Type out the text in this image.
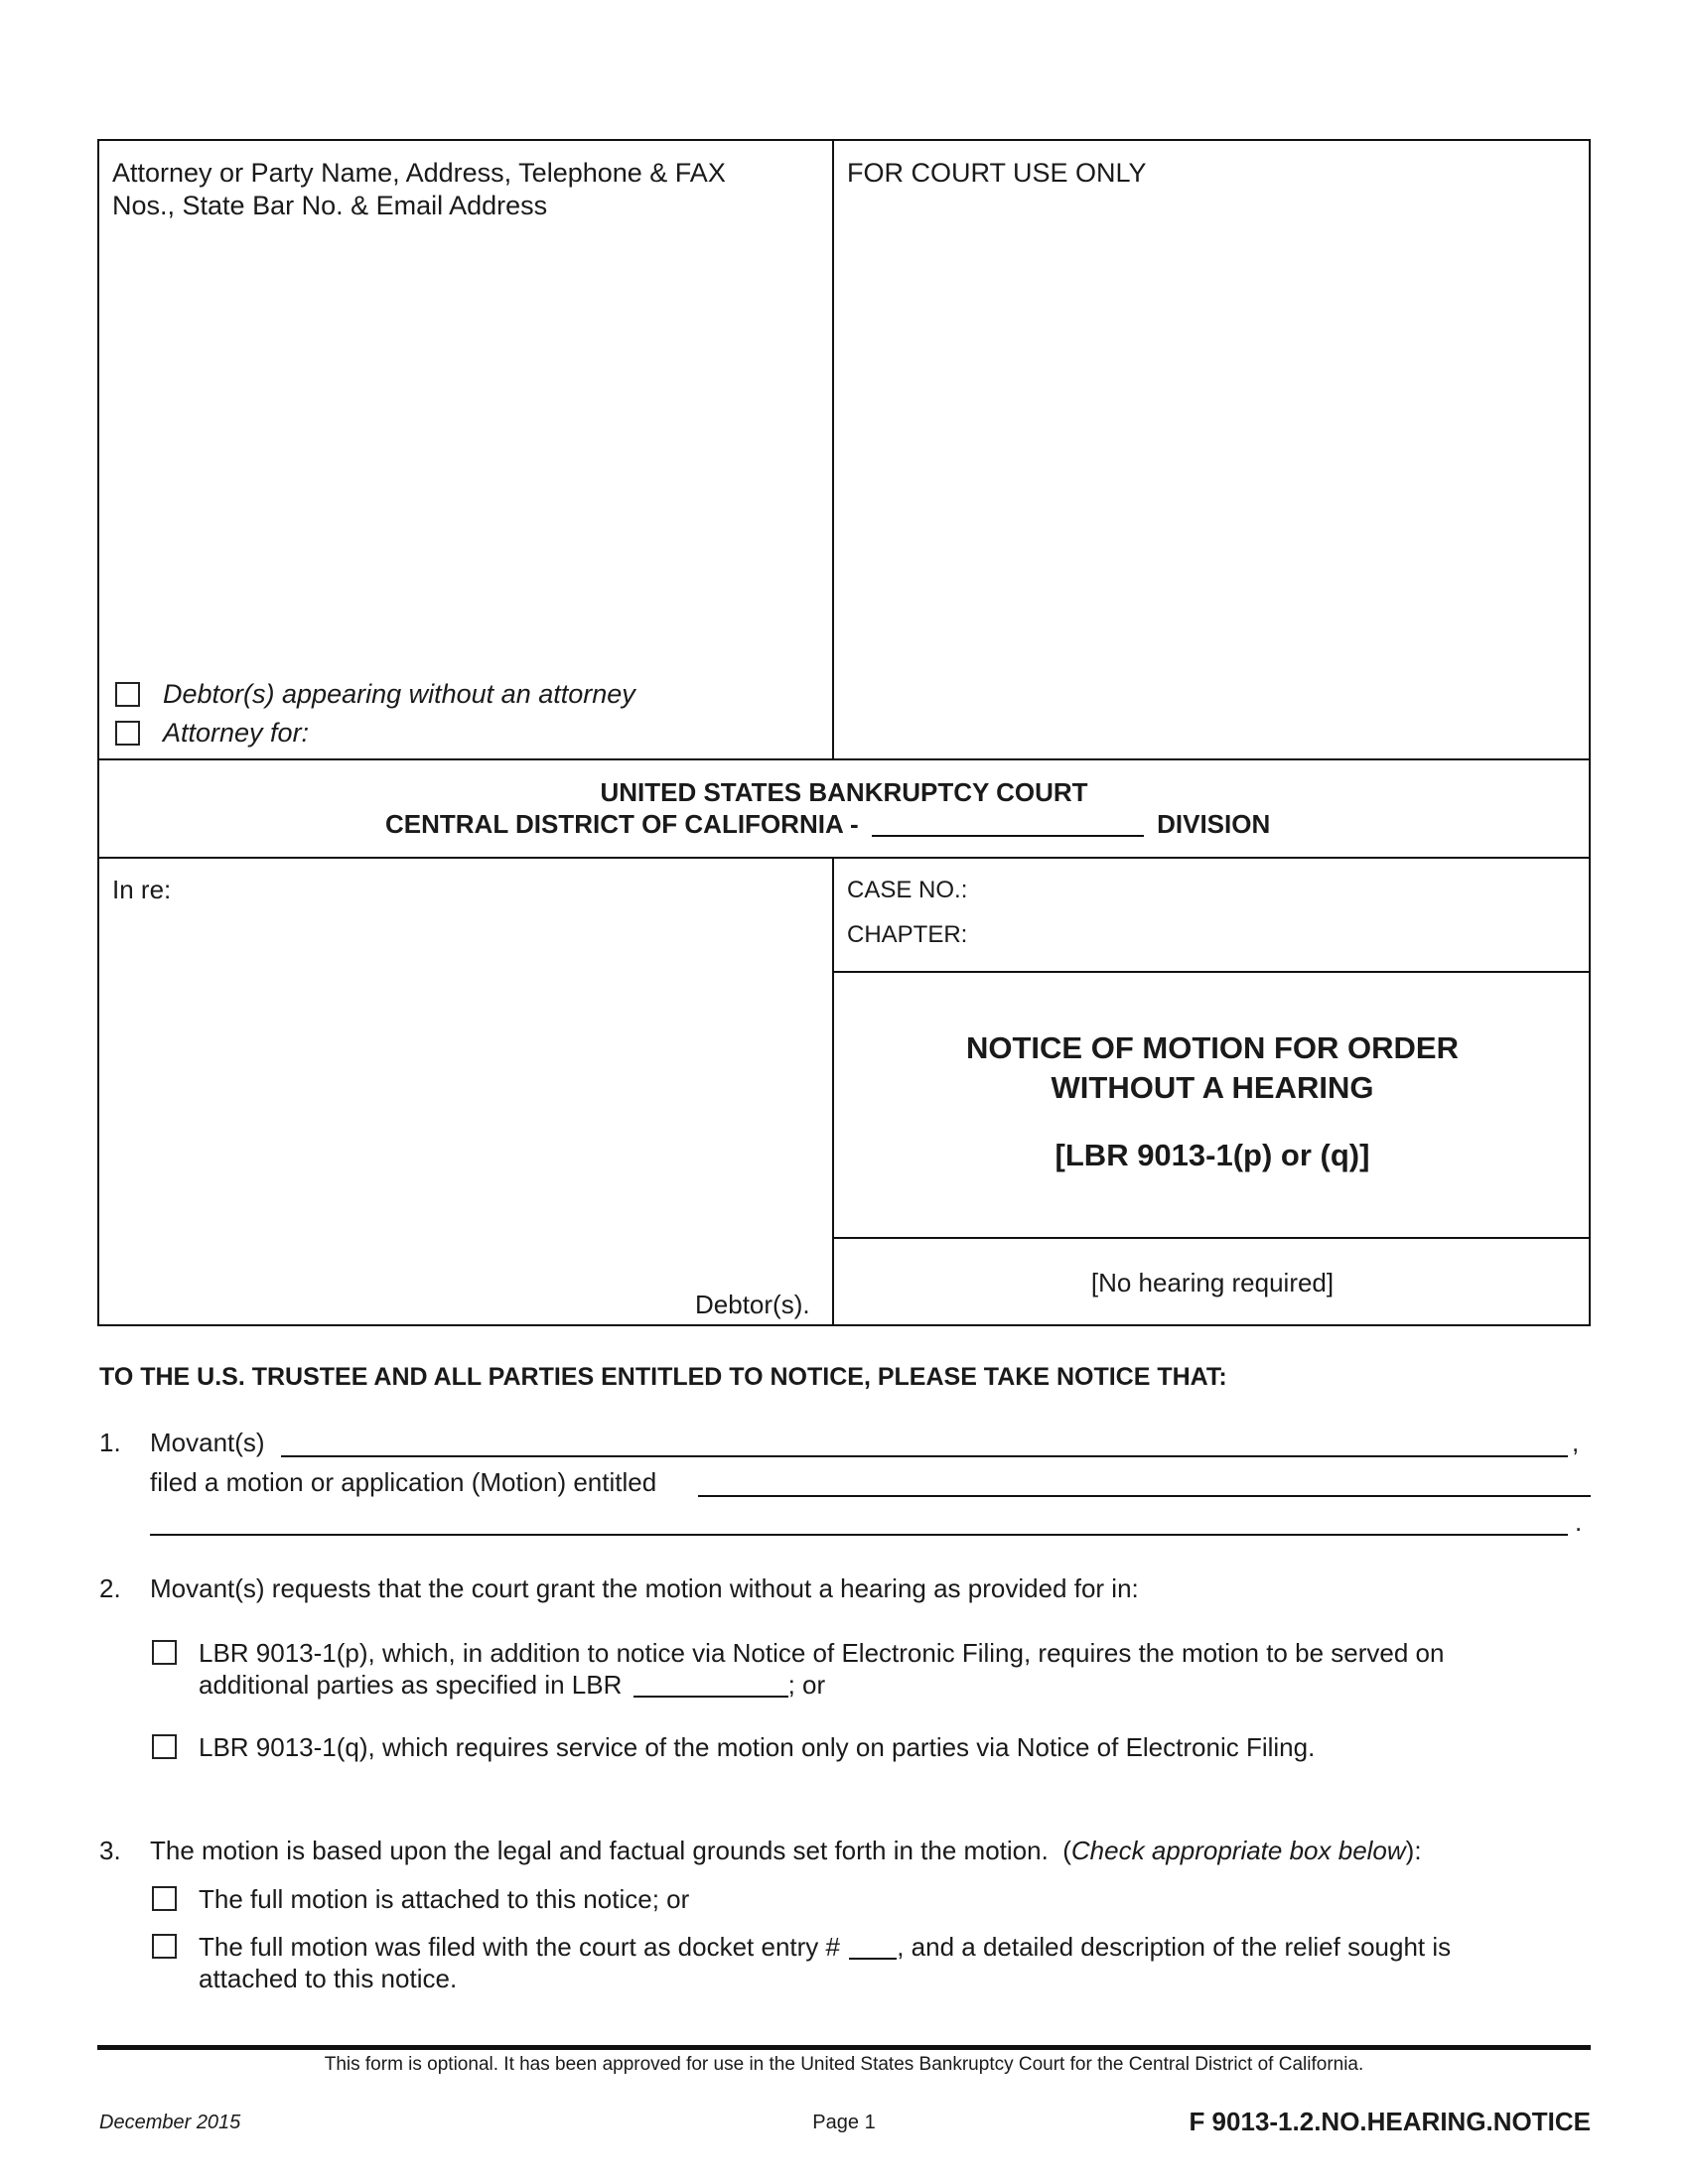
Attorney or Party Name, Address, Telephone & FAX
Nos., State Bar No. & Email Address
FOR COURT USE ONLY
Debtor(s) appearing without an attorney
Attorney for:
UNITED STATES BANKRUPTCY COURT
CENTRAL DISTRICT OF CALIFORNIA -	DIVISION
In re:
Debtor(s).
CASE NO.:
CHAPTER:
NOTICE OF MOTION FOR ORDER
WITHOUT A HEARING
[LBR 9013-1(p) or (q)]
[No hearing required]
TO THE U.S. TRUSTEE AND ALL PARTIES ENTITLED TO NOTICE, PLEASE TAKE NOTICE THAT:
1. Movant(s)	,
filed a motion or application (Motion) entitled
.
2. Movant(s) requests that the court grant the motion without a hearing as provided for in:
LBR 9013-1(p), which, in addition to notice via Notice of Electronic Filing, requires the motion to be served on
additional parties as specified in LBR	; or
LBR 9013-1(q), which requires service of the motion only on parties via Notice of Electronic Filing.
3. The motion is based upon the legal and factual grounds set forth in the motion.  (Check appropriate box below):
The full motion is attached to this notice; or
The full motion was filed with the court as docket entry # , and a detailed description of the relief sought is
attached to this notice.
This form is optional. It has been approved for use in the United States Bankruptcy Court for the Central District of California.
December 2015	Page 1	F 9013-1.2.NO.HEARING.NOTICE
